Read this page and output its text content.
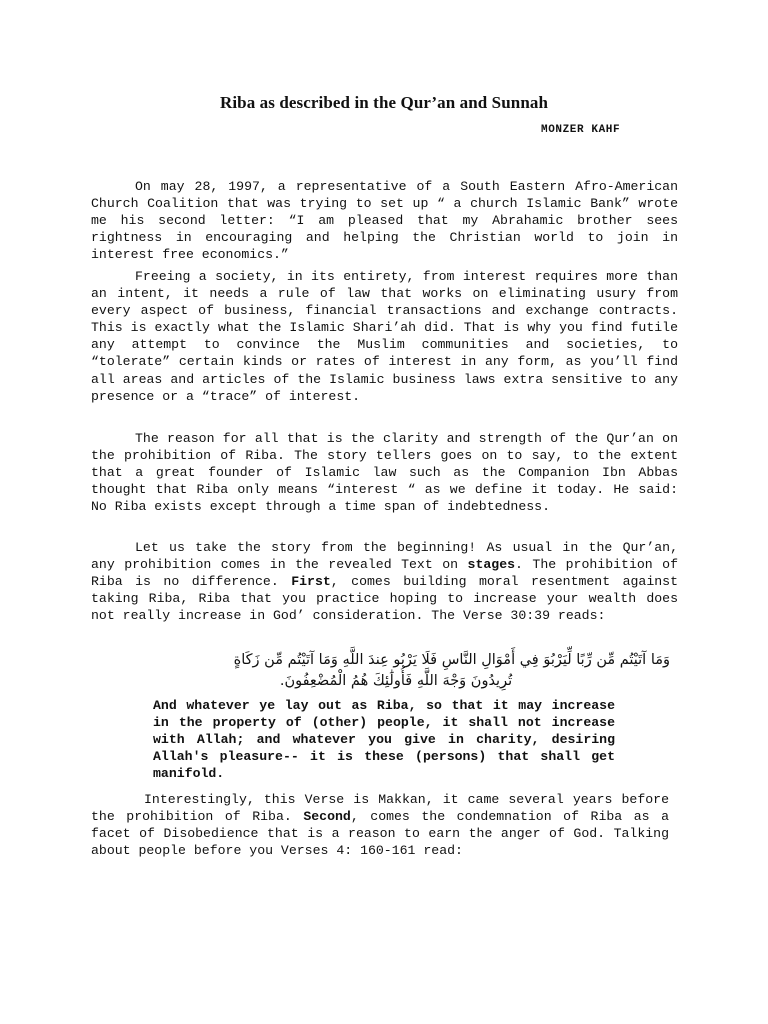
Riba as described in the Qur’an and Sunnah
MONZER KAHF

On may 28, 1997, a representative of a South Eastern Afro-American Church Coalition that was trying to set up “ a church Islamic Bank” wrote me his second letter: “I am pleased that my Abrahamic brother sees rightness in encouraging and helping the Christian world to join in interest free economics.”

Freeing a society, in its entirety, from interest requires more than an intent, it needs a rule of law that works on eliminating usury from every aspect of business, financial transactions and exchange contracts. This is exactly what the Islamic Shari’ah did. That is why you find futile any attempt to convince the Muslim communities and societies, to “tolerate” certain kinds or rates of interest in any form, as you’ll find all areas and articles of the Islamic business laws extra sensitive to any presence or a “trace” of interest.

The reason for all that is the clarity and strength of the Qur’an on the prohibition of Riba. The story tellers goes on to say, to the extent that a great founder of Islamic law such as the Companion Ibn Abbas thought that Riba only means “interest “ as we define it today. He said: No Riba exists except through a time span of indebtedness.

Let us take the story from the beginning! As usual in the Qur’an, any prohibition comes in the revealed Text on stages. The prohibition of Riba is no difference. First, comes building moral resentment against taking Riba, Riba that you practice hoping to increase your wealth does not really increase in God’ consideration. The Verse 30:39 reads:

وَمَا آتَيْتُم مِّن رِّبًا لِّيَرْبُوَ فِي أَمْوَالِ النَّاسِ فَلَا يَرْبُو عِندَ اللَّهِ وَمَا آتَيْتُم مِّن زَكَاةٍ
تُرِيدُونَ وَجْهَ اللَّهِ فَأُولَٰئِكَ هُمُ الْمُضْعِفُونَ.

And whatever ye lay out as Riba, so that it may increase in the property of (other) people, it shall not increase with Allah; and whatever you give in charity, desiring Allah's pleasure-- it is these (persons) that shall get manifold.

Interestingly, this Verse is Makkan, it came several years before the prohibition of Riba. Second, comes the condemnation of Riba as a facet of Disobedience that is a reason to earn the anger of God. Talking about people before you Verses 4: 160-161 read:
